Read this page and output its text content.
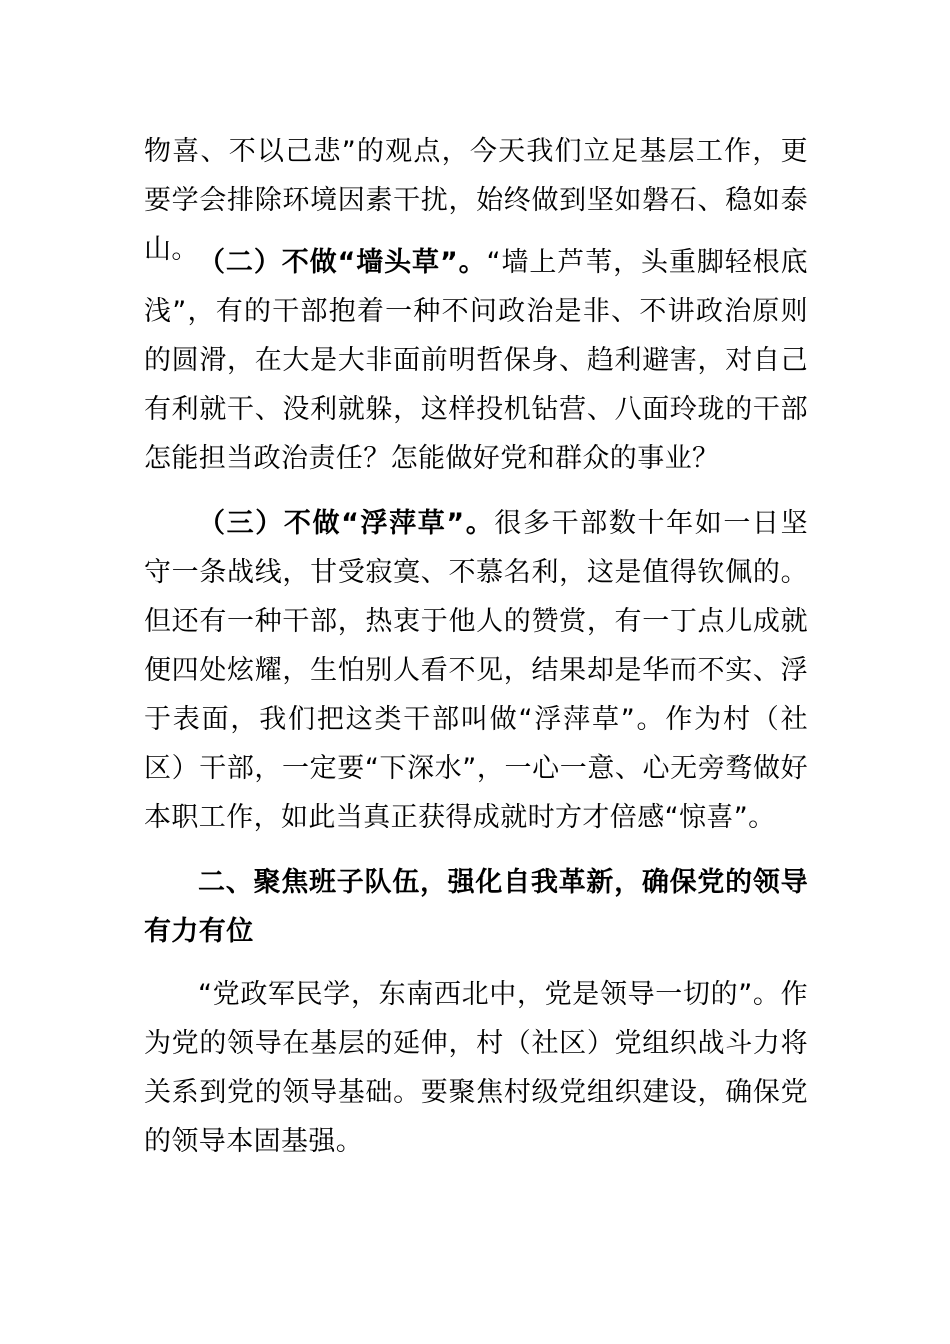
物喜、不以己悲”的观点，今天我们立足基层工作，更要学会排除环境因素干扰，始终做到坚如磐石、稳如泰山。 （二）不做“墙头草”。“墙上芦苇，头重脚轻根底浅”，有的干部抱着一种不问政治是非、不讲政治原则的圆滑，在大是大非面前明哲保身、趋利避害，对自己有利就干、没利就躲，这样投机钻营、八面玲珑的干部怎能担当政治责任？怎能做好党和群众的事业？

（三）不做“浮萍草”。很多干部数十年如一日坚守一条战线，甘受寂寞、不慕名利，这是值得钦佩的。但还有一种干部，热衷于他人的赞赏，有一丁点儿成就便四处炫耀，生怕别人看不见，结果却是华而不实、浮于表面，我们把这类干部叫做“浮萍草”。作为村（社区）干部，一定要“下深水”，一心一意、心无旁骛做好本职工作，如此当真正获得成就时方才倍感“惊喜”。

二、聚焦班子队伍，强化自我革新，确保党的领导有力有位

“党政军民学，东南西北中，党是领导一切的”。作为党的领导在基层的延伸，村（社区）党组织战斗力将关系到党的领导基础。要聚焦村级党组织建设，确保党的领导本固基强。
